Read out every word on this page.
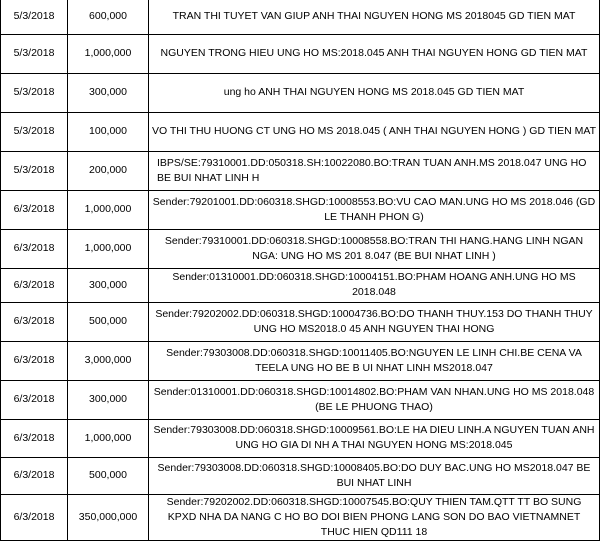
5/3/2018	600,000	TRAN THI TUYET VAN GIUP ANH THAI NGUYEN HONG MS 2018045 GD TIEN MAT
5/3/2018	1,000,000	NGUYEN TRONG HIEU UNG HO MS:2018.045 ANH THAI NGUYEN HONG GD TIEN MAT
5/3/2018	300,000	ung ho ANH THAI NGUYEN HONG MS 2018.045 GD TIEN MAT
5/3/2018	100,000	VO THI THU HUONG CT UNG HO MS 2018.045 ( ANH THAI NGUYEN HONG ) GD TIEN MAT
5/3/2018	200,000	IBPS/SE:79310001.DD:050318.SH:10022080.BO:TRAN TUAN ANH.MS 2018.047 UNG HO BE BUI NHAT LINH H
6/3/2018	1,000,000	Sender:79201001.DD:060318.SHGD:10008553.BO:VU CAO MAN.UNG HO MS 2018.046 (GD LE THANH PHON G)
6/3/2018	1,000,000	Sender:79310001.DD:060318.SHGD:10008558.BO:TRAN THI HANG.HANG LINH NGAN NGA: UNG HO MS 201 8.047 (BE BUI NHAT LINH )
6/3/2018	300,000	Sender:01310001.DD:060318.SHGD:10004151.BO:PHAM HOANG ANH.UNG HO MS 2018.048
6/3/2018	500,000	Sender:79202002.DD:060318.SHGD:10004736.BO:DO THANH THUY.153 DO THANH THUY UNG HO MS2018.0 45 ANH NGUYEN THAI HONG
6/3/2018	3,000,000	Sender:79303008.DD:060318.SHGD:10011405.BO:NGUYEN LE LINH CHI.BE CENA VA TEELA UNG HO BE B UI NHAT LINH MS2018.047
6/3/2018	300,000	Sender:01310001.DD:060318.SHGD:10014802.BO:PHAM VAN NHAN.UNG HO MS 2018.048 (BE LE PHUONG THAO)
6/3/2018	1,000,000	Sender:79303008.DD:060318.SHGD:10009561.BO:LE HA DIEU LINH.A NGUYEN TUAN ANH UNG HO GIA DI NH A THAI NGUYEN HONG MS:2018.045
6/3/2018	500,000	Sender:79303008.DD:060318.SHGD:10008405.BO:DO DUY BAC.UNG HO MS2018.047 BE BUI NHAT LINH
6/3/2018	350,000,000	Sender:79202002.DD:060318.SHGD:10007545.BO:QUY THIEN TAM.QTT TT BO SUNG KPXD NHA DA NANG C HO BO DOI BIEN PHONG LANG SON DO BAO VIETNAMNET THUC HIEN QD111 18
